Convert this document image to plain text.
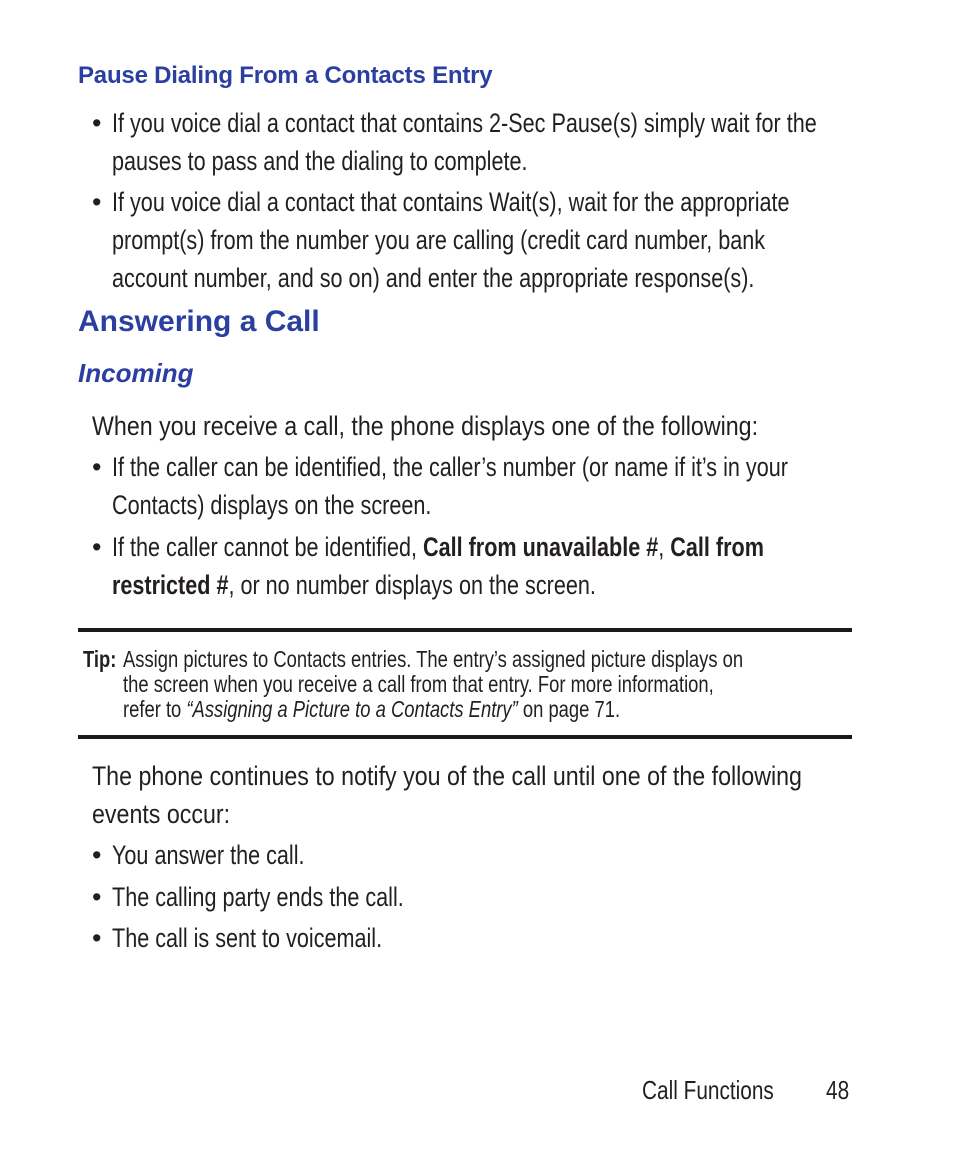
Pause Dialing From a Contacts Entry
• If you voice dial a contact that contains 2-Sec Pause(s) simply wait for the
pauses to pass and the dialing to complete.
• If you voice dial a contact that contains Wait(s), wait for the appropriate
prompt(s) from the number you are calling (credit card number, bank
account number, and so on) and enter the appropriate response(s).
Answering a Call
Incoming
When you receive a call, the phone displays one of the following:
• If the caller can be identified, the caller’s number (or name if it’s in your
Contacts) displays on the screen.
• If the caller cannot be identified, Call from unavailable #, Call from
restricted #, or no number displays on the screen.
Tip: Assign pictures to Contacts entries. The entry’s assigned picture displays on
the screen when you receive a call from that entry. For more information,
refer to “Assigning a Picture to a Contacts Entry” on page 71.
The phone continues to notify you of the call until one of the following
events occur:
• You answer the call.
• The calling party ends the call.
• The call is sent to voicemail.
Call Functions	48
